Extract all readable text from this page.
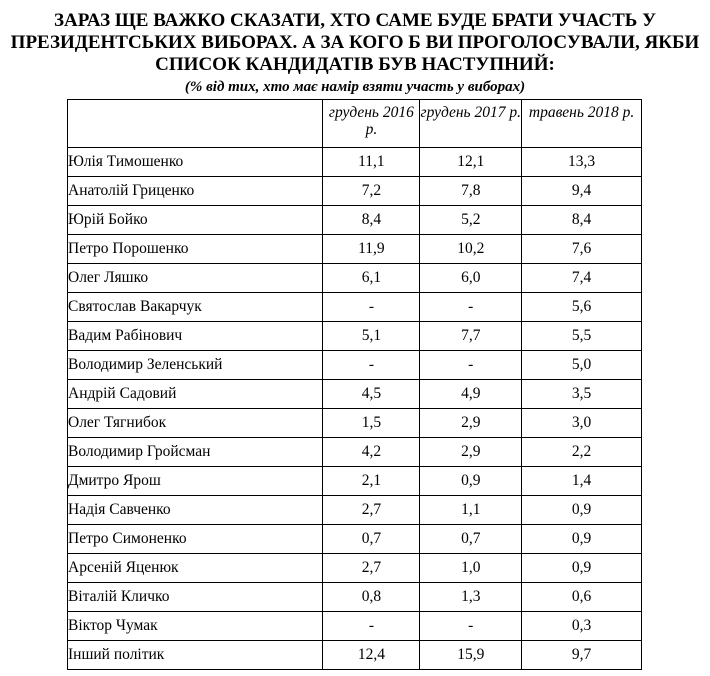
ЗАРАЗ ЩЕ ВАЖКО СКАЗАТИ, ХТО САМЕ БУДЕ БРАТИ УЧАСТЬ У
ПРЕЗИДЕНТСЬКИХ ВИБОРАХ. А ЗА КОГО Б ВИ ПРОГОЛОСУВАЛИ, ЯКБИ
СПИСОК КАНДИДАТІВ БУВ НАСТУПНИЙ:
(% від тих, хто має намір взяти участь у виборах)
	грудень 2016 р.	грудень 2017 р.	травень 2018 р.
Юлія Тимошенко	11,1	12,1	13,3
Анатолій Гриценко	7,2	7,8	9,4
Юрій Бойко	8,4	5,2	8,4
Петро Порошенко	11,9	10,2	7,6
Олег Ляшко	6,1	6,0	7,4
Святослав Вакарчук	-	-	5,6
Вадим Рабінович	5,1	7,7	5,5
Володимир Зеленський	-	-	5,0
Андрій Садовий	4,5	4,9	3,5
Олег Тягнибок	1,5	2,9	3,0
Володимир Гройсман	4,2	2,9	2,2
Дмитро Ярош	2,1	0,9	1,4
Надія Савченко	2,7	1,1	0,9
Петро Симоненко	0,7	0,7	0,9
Арсеній Яценюк	2,7	1,0	0,9
Віталій Кличко	0,8	1,3	0,6
Віктор Чумак	-	-	0,3
Інший політик	12,4	15,9	9,7
